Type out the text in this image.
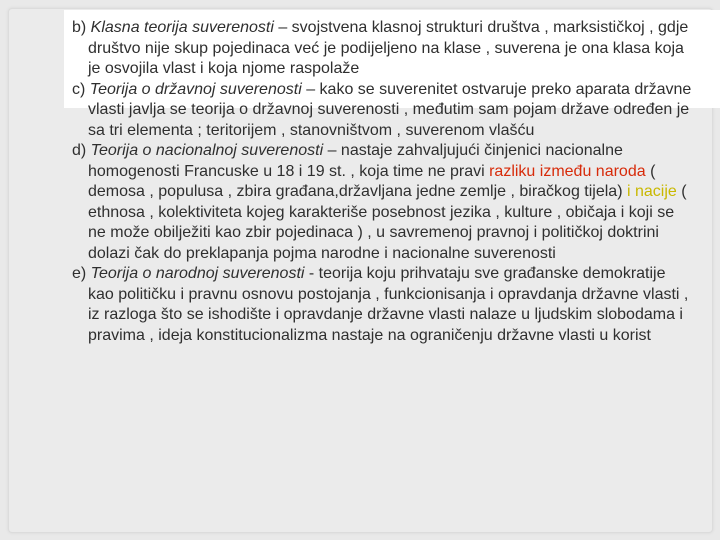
b) Klasna teorija suverenosti – svojstvena klasnoj strukturi društva , marksističkoj , gdje društvo nije skup pojedinaca već je podijeljeno na klase , suverena je ona klasa koja je osvojila vlast i koja njome raspolaže
c) Teorija o državnoj suverenosti – kako se suverenitet ostvaruje preko aparata državne vlasti javlja se teorija o državnoj suverenosti , međutim sam pojam države određen je sa tri elementa ; teritorijem , stanovništvom , suverenom vlašću
d) Teorija o nacionalnoj suverenosti – nastaje zahvaljujući činjenici nacionalne homogenosti Francuske u 18 i 19 st. , koja time ne pravi razliku između naroda ( demosa , populusa , zbira građana,državljana jedne zemlje , biračkog tijela) i nacije ( ethnosa , kolektiviteta kojeg karakteriše posebnost jezika , kulture , običaja i koji se ne može obilježiti kao zbir pojedinaca ) , u savremenoj pravnoj i političkoj doktrini dolazi čak do preklapanja pojma narodne i nacionalne suverenosti
e) Teorija o narodnoj suverenosti - teorija koju prihvataju sve građanske demokratije kao političku i pravnu osnovu postojanja , funkcionisanja i opravdanja državne vlasti , iz razloga što se ishodište i opravdanje državne vlasti nalaze u ljudskim slobodama i pravima , ideja konstitucionalizma nastaje na ograničenju državne vlasti u korist
